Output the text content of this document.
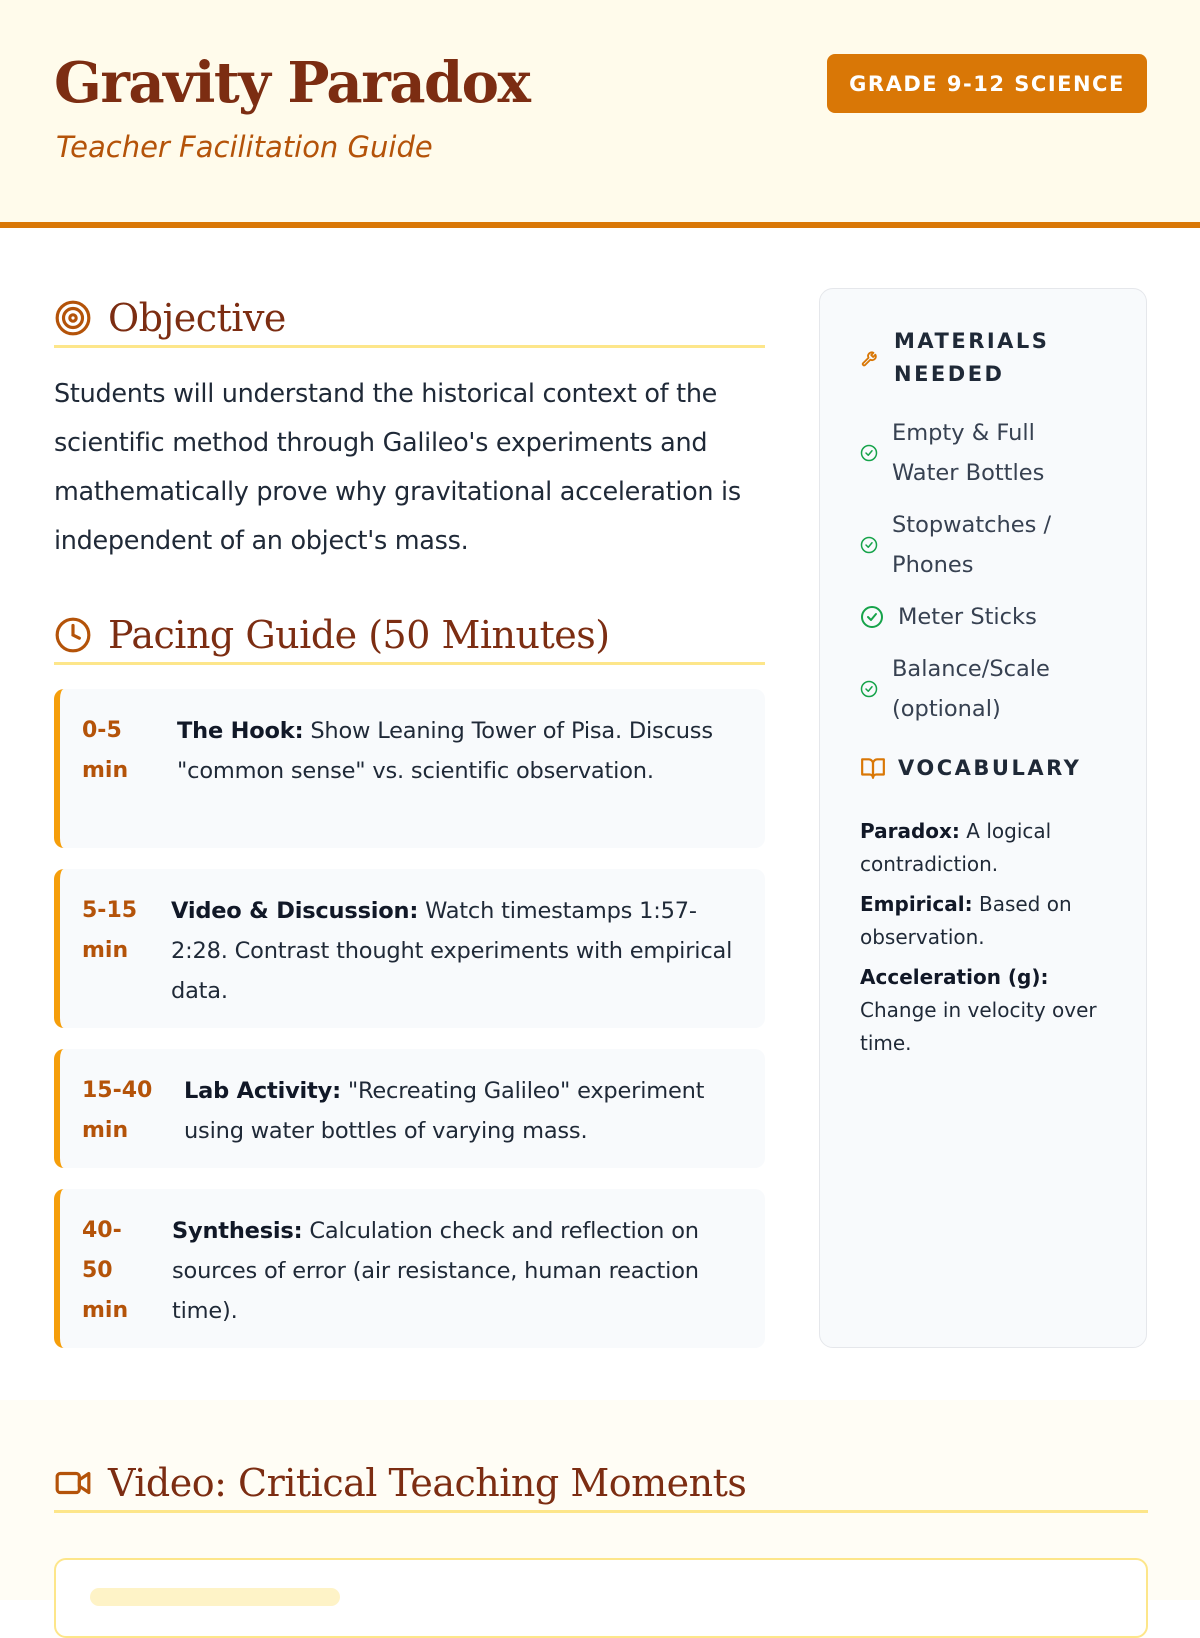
Gravity Paradox
Teacher Facilitation Guide
GRADE 9-12 SCIENCE
Objective

Students will understand the historical context of the scientific method through Galileo's experiments and mathematically prove why gravitational acceleration is independent of an object's mass.

Pacing Guide (50 Minutes)
0-5 min
The Hook: Show Leaning Tower of Pisa. Discuss "common sense" vs. scientific observation.
5-15 min
Video & Discussion: Watch timestamps 1:57-2:28. Contrast thought experiments with empirical data.
15-40 min
Lab Activity: "Recreating Galileo" experiment using water bottles of varying mass.
40-50 min
Synthesis: Calculation check and reflection on sources of error (air resistance, human reaction time).
MATERIALS NEEDED
Empty & Full Water Bottles
Stopwatches / Phones
Meter Sticks
Balance/Scale (optional)
VOCABULARY
Paradox: A logical contradiction.
Empirical: Based on observation.
Acceleration (g): Change in velocity over time.
Video: Critical Teaching Moments
